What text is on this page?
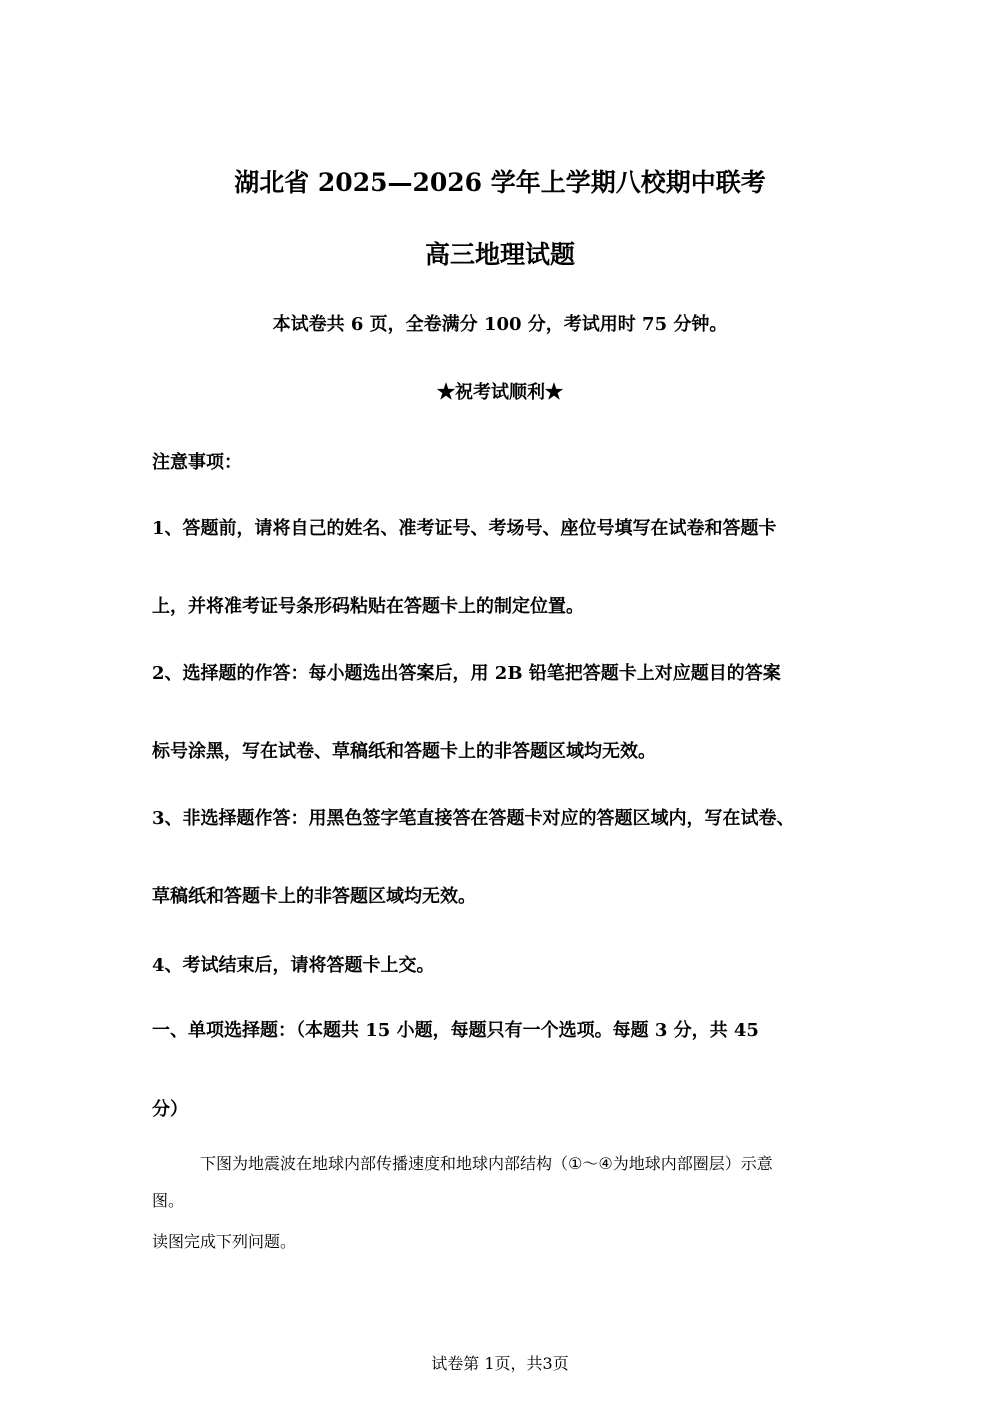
湖北省 2025—2026 学年上学期八校期中联考
高三地理试题
本试卷共 6 页，全卷满分 100 分，考试用时 75 分钟。
★祝考试顺利★
注意事项：
1、答题前，请将自己的姓名、准考证号、考场号、座位号填写在试卷和答题卡
上，并将准考证号条形码粘贴在答题卡上的制定位置。
2、选择题的作答：每小题选出答案后，用 2B 铅笔把答题卡上对应题目的答案
标号涂黑，写在试卷、草稿纸和答题卡上的非答题区域均无效。
3、非选择题作答：用黑色签字笔直接答在答题卡对应的答题区域内，写在试卷、
草稿纸和答题卡上的非答题区域均无效。
4、考试结束后，请将答题卡上交。
一、单项选择题：（本题共 15 小题，每题只有一个选项。每题 3 分，共 45
分）
下图为地震波在地球内部传播速度和地球内部结构（①～④为地球内部圈层）示意
图。
读图完成下列问题。
试卷第 1页，共3页
